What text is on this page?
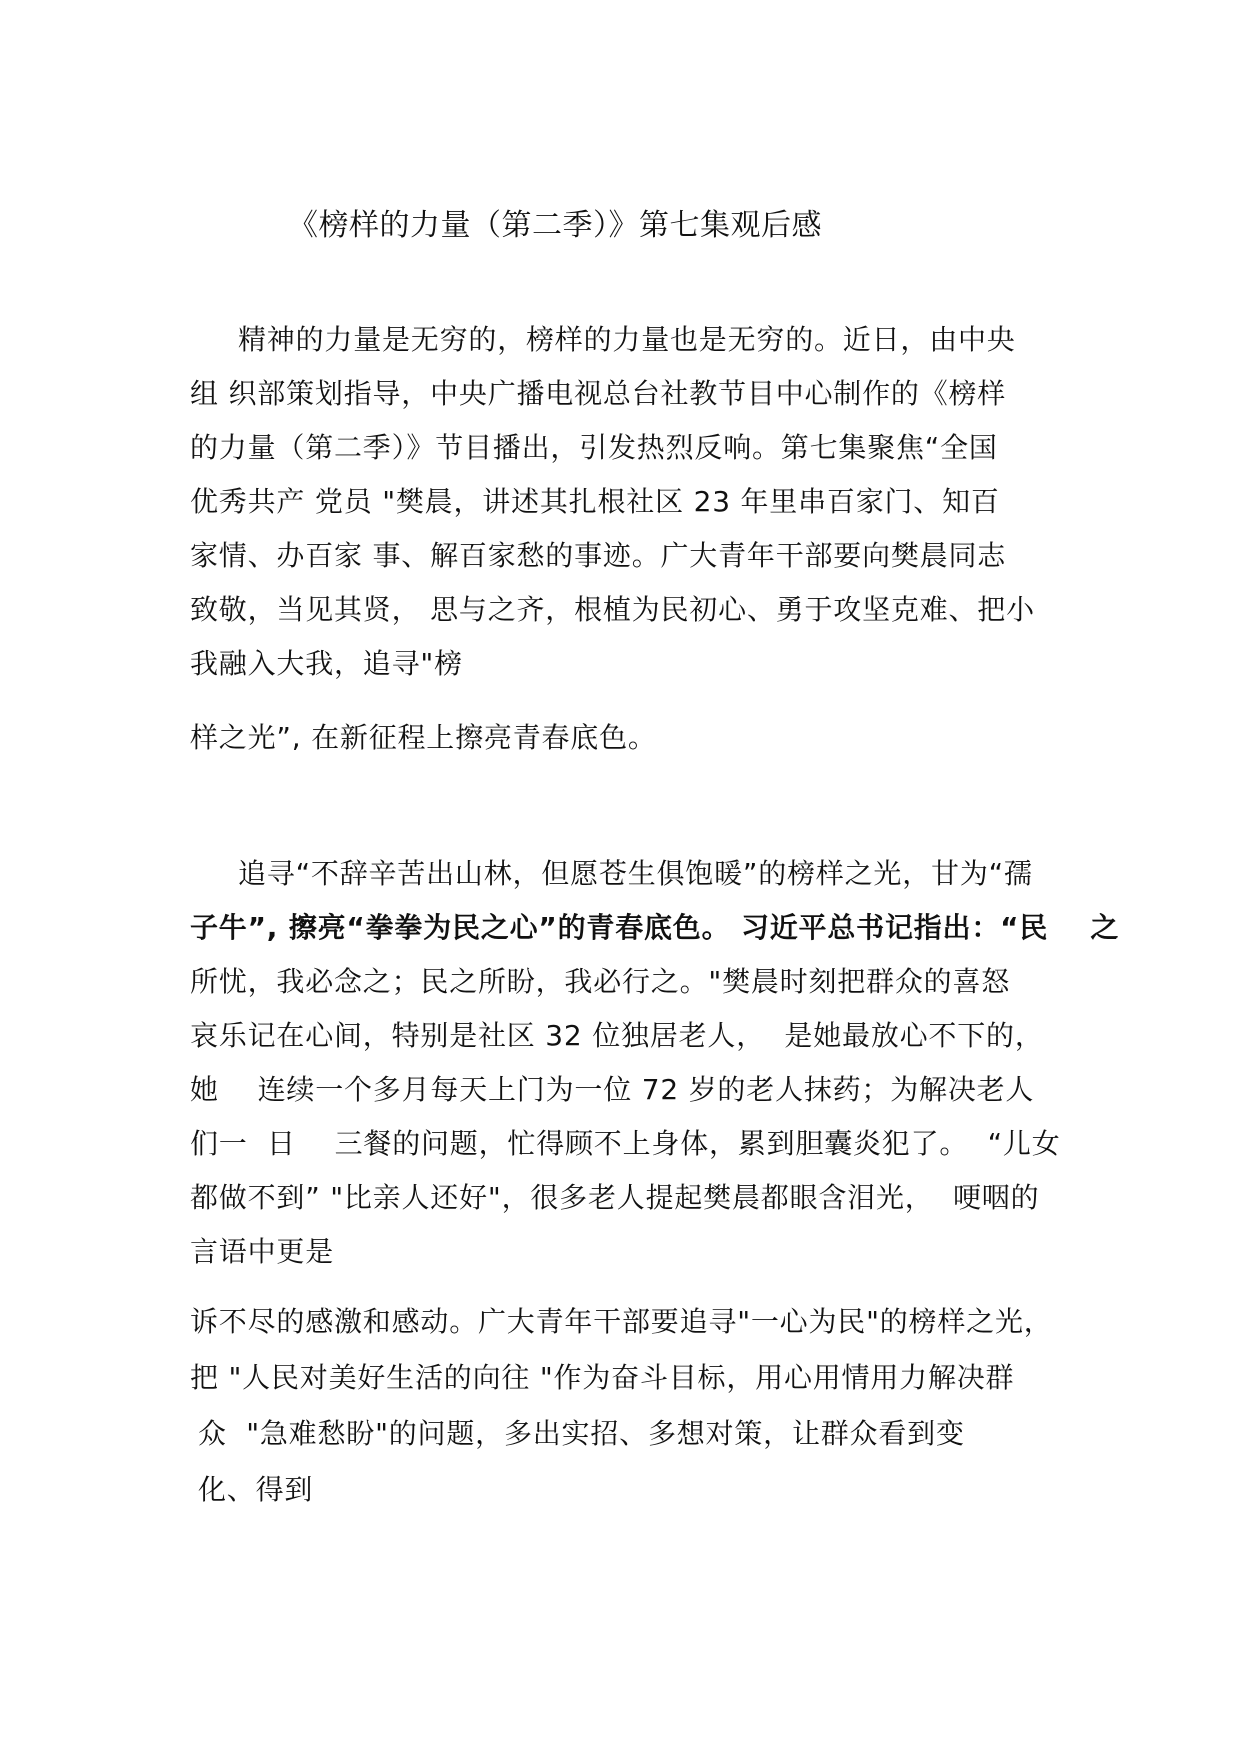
《榜样的力量（第二季）》第七集观后感
精神的力量是无穷的，榜样的力量也是无穷的。近日，由中央
组 织部策划指导，中央广播电视总台社教节目中心制作的《榜样
的力量（第二季）》节目播出，引发热烈反响。第七集聚焦“全国
优秀共产 党员 "樊晨，讲述其扎根社区 23 年里串百家门、知百
家情、办百家 事、解百家愁的事迹。广大青年干部要向樊晨同志
致敬，当见其贤， 思与之齐，根植为民初心、勇于攻坚克难、把小
我融入大我，追寻"榜
样之光”, 在新征程上擦亮青春底色。
追寻“不辞辛苦出山林，但愿苍生俱饱暖”的榜样之光，甘为“孺
子牛”, 擦亮“拳拳为民之心”的青春底色。 习近平总书记指出：“民    之
所忧，我必念之；民之所盼，我必行之。"樊晨时刻把群众的喜怒
哀乐记在心间，特别是社区 32 位独居老人，  是她最放心不下的，
她    连续一个多月每天上门为一位 72 岁的老人抹药；为解决老人
们一  日    三餐的问题，忙得顾不上身体，累到胆囊炎犯了。  “儿女
都做不到” "比亲人还好"，很多老人提起樊晨都眼含泪光，  哽咽的
言语中更是
诉不尽的感激和感动。广大青年干部要追寻"一心为民"的榜样之光，
把 "人民对美好生活的向往 "作为奋斗目标，用心用情用力解决群
众  "急难愁盼"的问题，多出实招、多想对策，让群众看到变
化、得到
